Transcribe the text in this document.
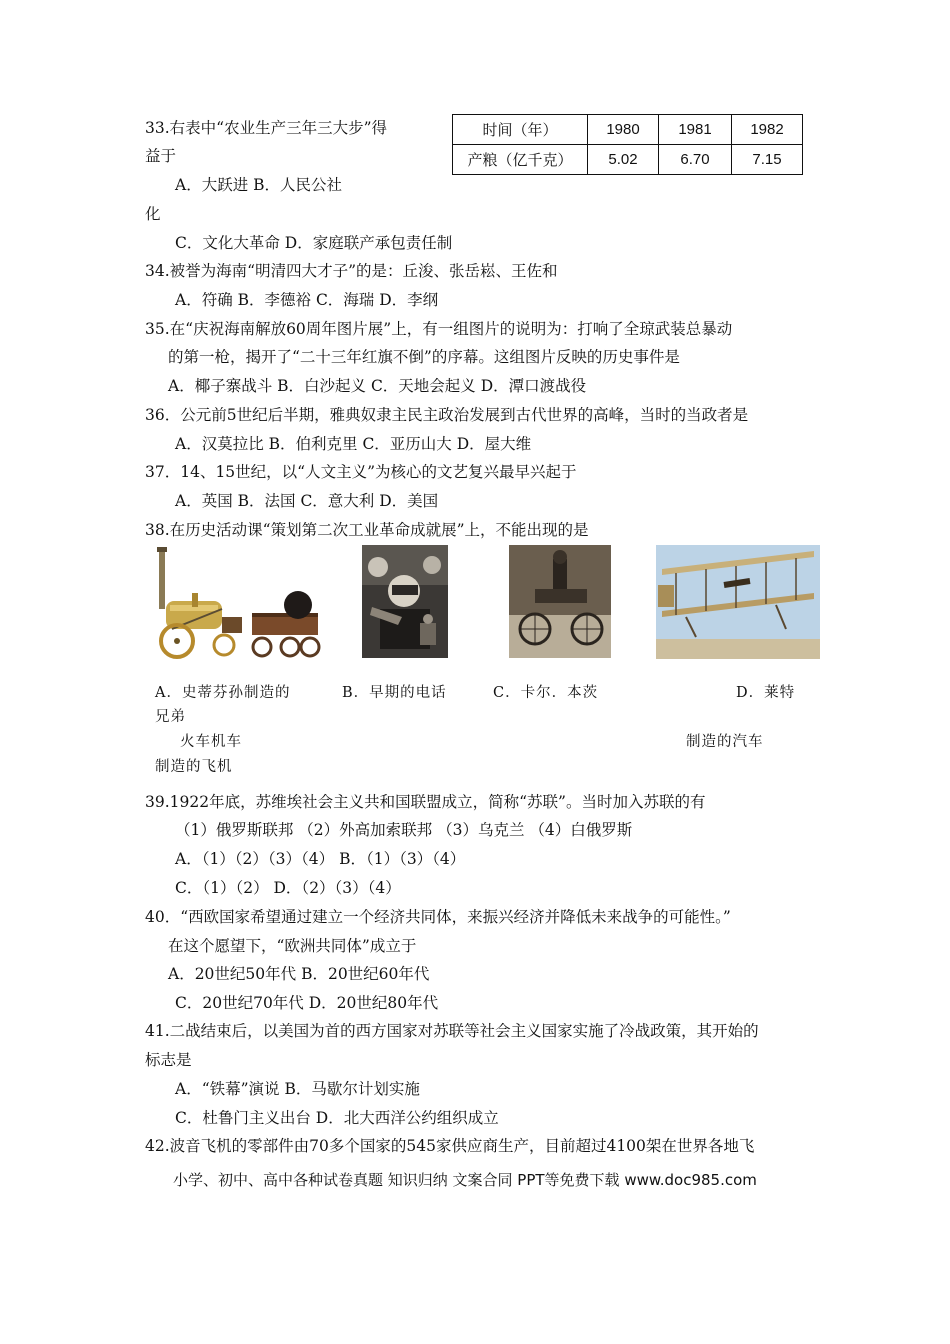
33.右表中“农业生产三年三大步”得
益于
A．大跃进 B．人民公社
化
C．文化大革命 D．家庭联产承包责任制
时间（年）	1980	1981	1982
产粮（亿千克）	5.02	6.70	7.15
34.被誉为海南“明清四大才子”的是：丘浚、张岳崧、王佐和
A．符确 B．李德裕 C．海瑞 D．李纲
35.在“庆祝海南解放60周年图片展”上，有一组图片的说明为：打响了全琼武装总暴动
的第一枪，揭开了“二十三年红旗不倒”的序幕。这组图片反映的历史事件是
A．椰子寨战斗 B．白沙起义 C．天地会起义 D．潭口渡战役
36．公元前5世纪后半期，雅典奴隶主民主政治发展到古代世界的高峰，当时的当政者是
A．汉莫拉比 B．伯利克里 C．亚历山大 D．屋大维
37．14、15世纪，以“人文主义”为核心的文艺复兴最早兴起于
A．英国 B．法国 C．意大利 D．美国
38.在历史活动课“策划第二次工业革命成就展”上，不能出现的是
A．史蒂芬孙制造的	B．早期的电话	C．卡尔．本茨	D．莱特
兄弟
火车机车	制造的汽车
制造的飞机
39.1922年底，苏维埃社会主义共和国联盟成立，简称“苏联”。当时加入苏联的有
（1）俄罗斯联邦 （2）外高加索联邦 （3）乌克兰 （4）白俄罗斯
A．（1）（2）（3）（4） B．（1）（3）（4）
C．（1）（2） D．（2）（3）（4）
40．“西欧国家希望通过建立一个经济共同体，来振兴经济并降低未来战争的可能性。”
在这个愿望下，“欧洲共同体”成立于
A．20世纪50年代 B．20世纪60年代
C．20世纪70年代 D．20世纪80年代
41.二战结束后，以美国为首的西方国家对苏联等社会主义国家实施了冷战政策，其开始的
标志是
A．“铁幕”演说 B．马歇尔计划实施
C．杜鲁门主义出台 D．北大西洋公约组织成立
42.波音飞机的零部件由70多个国家的545家供应商生产，目前超过4100架在世界各地飞
小学、初中、高中各种试卷真题 知识归纳 文案合同 PPT等免费下载 www.doc985.com
